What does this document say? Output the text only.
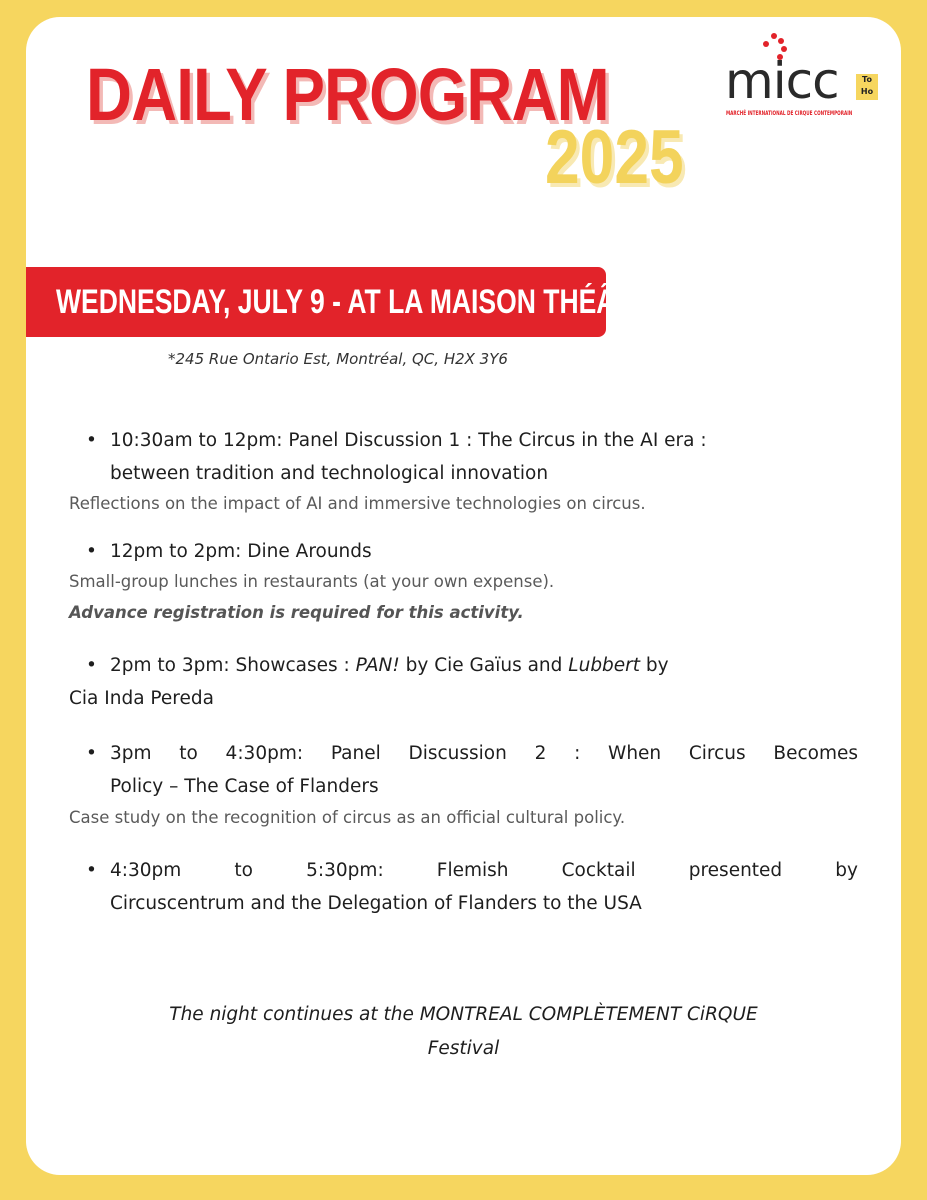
DAILY PROGRAM
2025
micc	To
Ho
MARCHÉ INTERNATIONAL DE CIRQUE CONTEMPORAIN
WEDNESDAY, JULY 9 - AT LA MAISON THÉÂTRE
*245 Rue Ontario Est, Montréal, QC, H2X 3Y6
• 10:30am to 12pm: Panel Discussion 1 : The Circus in the AI era :
between tradition and technological innovation
Reflections on the impact of AI and immersive technologies on circus.
• 12pm to 2pm: Dine Arounds
Small-group lunches in restaurants (at your own expense).
Advance registration is required for this activity.
• 2pm to 3pm: Showcases : PAN! by Cie Gaïus and Lubbert by
Cia Inda Pereda
• 3pm to 4:30pm: Panel Discussion 2 : When Circus Becomes
Policy – The Case of Flanders
Case study on the recognition of circus as an official cultural policy.
• 4:30pm to 5:30pm: Flemish Cocktail presented by
Circuscentrum and the Delegation of Flanders to the USA
The night continues at the MONTREAL COMPLÈTEMENT CiRQUE
Festival
